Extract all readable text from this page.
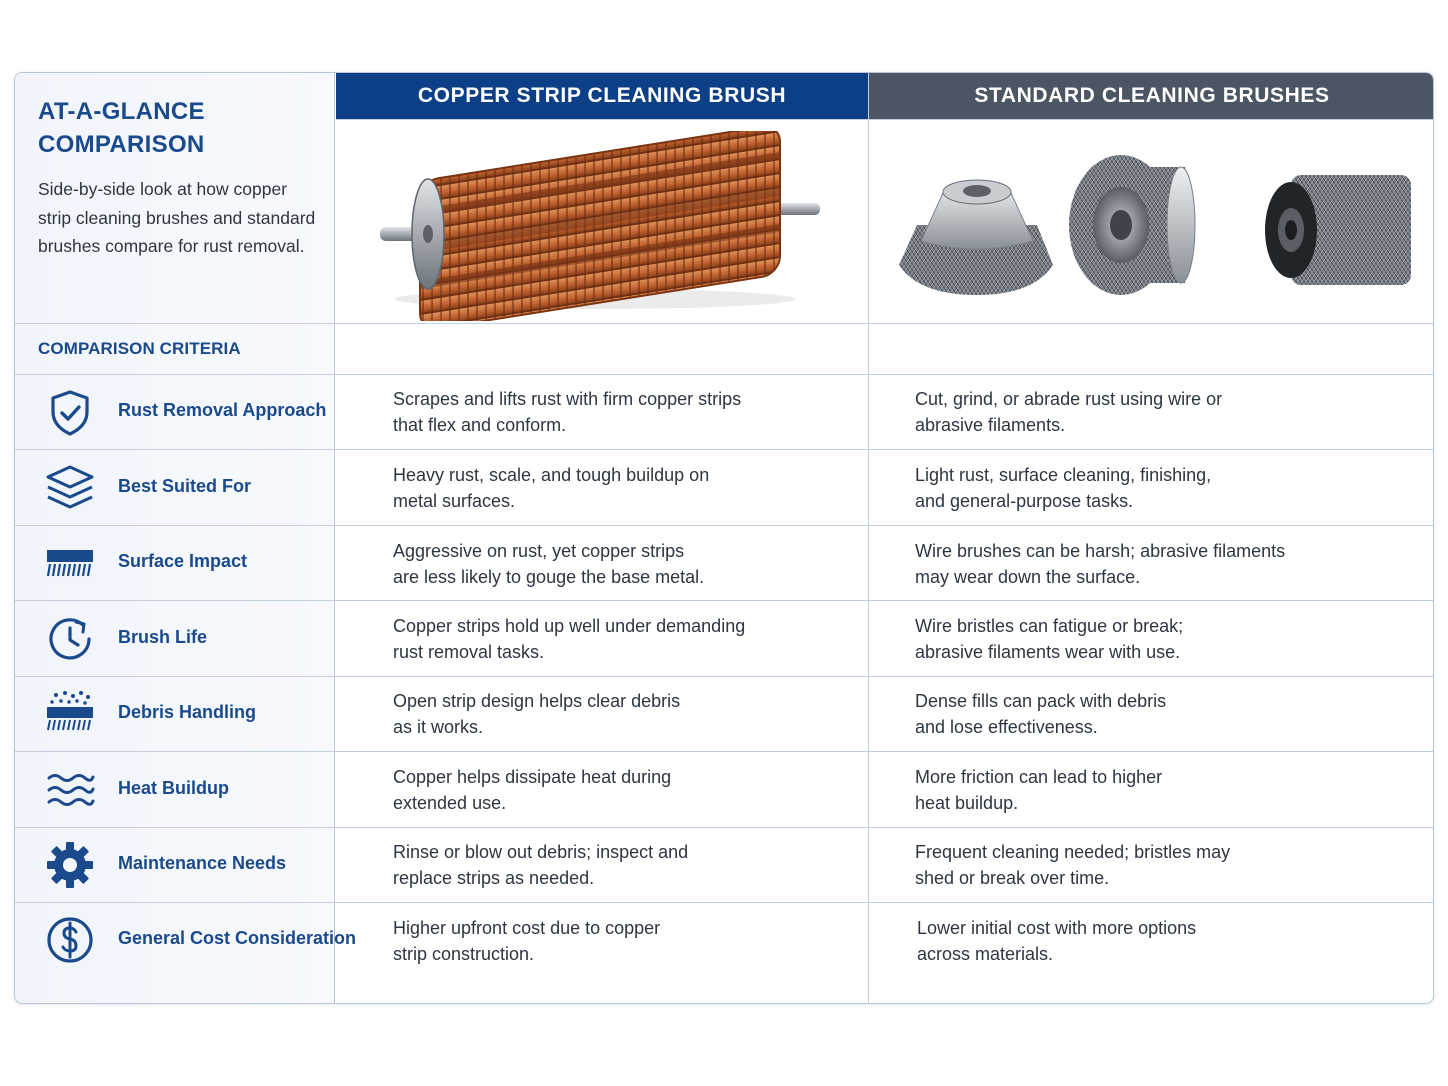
COPPER STRIP CLEANING BRUSH	STANDARD CLEANING BRUSHES
AT-A-GLANCE
COMPARISON

Side-by-side look at how copper strip cleaning brushes and standard brushes compare for rust removal.

COMPARISON CRITERIA
Rust Removal Approach
Scrapes and lifts rust with firm copper strips
that flex and conform.
Cut, grind, or abrade rust using wire or
abrasive filaments.
Best Suited For
Heavy rust, scale, and tough buildup on
metal surfaces.
Light rust, surface cleaning, finishing,
and general-purpose tasks.
Surface Impact	Aggressive on rust, yet copper strips
are less likely to gouge the base metal.
Wire brushes can be harsh; abrasive filaments
may wear down the surface.
Brush Life
Copper strips hold up well under demanding
rust removal tasks.
Wire bristles can fatigue or break;
abrasive filaments wear with use.
Debris Handling
Open strip design helps clear debris
as it works.
Dense fills can pack with debris
and lose effectiveness.
Heat Buildup
Copper helps dissipate heat during
extended use.
More friction can lead to higher
heat buildup.
Maintenance Needs
Rinse or blow out debris; inspect and
replace strips as needed.
Frequent cleaning needed; bristles may
shed or break over time.
General Cost Consideration Higher upfront cost due to copper
strip construction.
Lower initial cost with more options
across materials.
